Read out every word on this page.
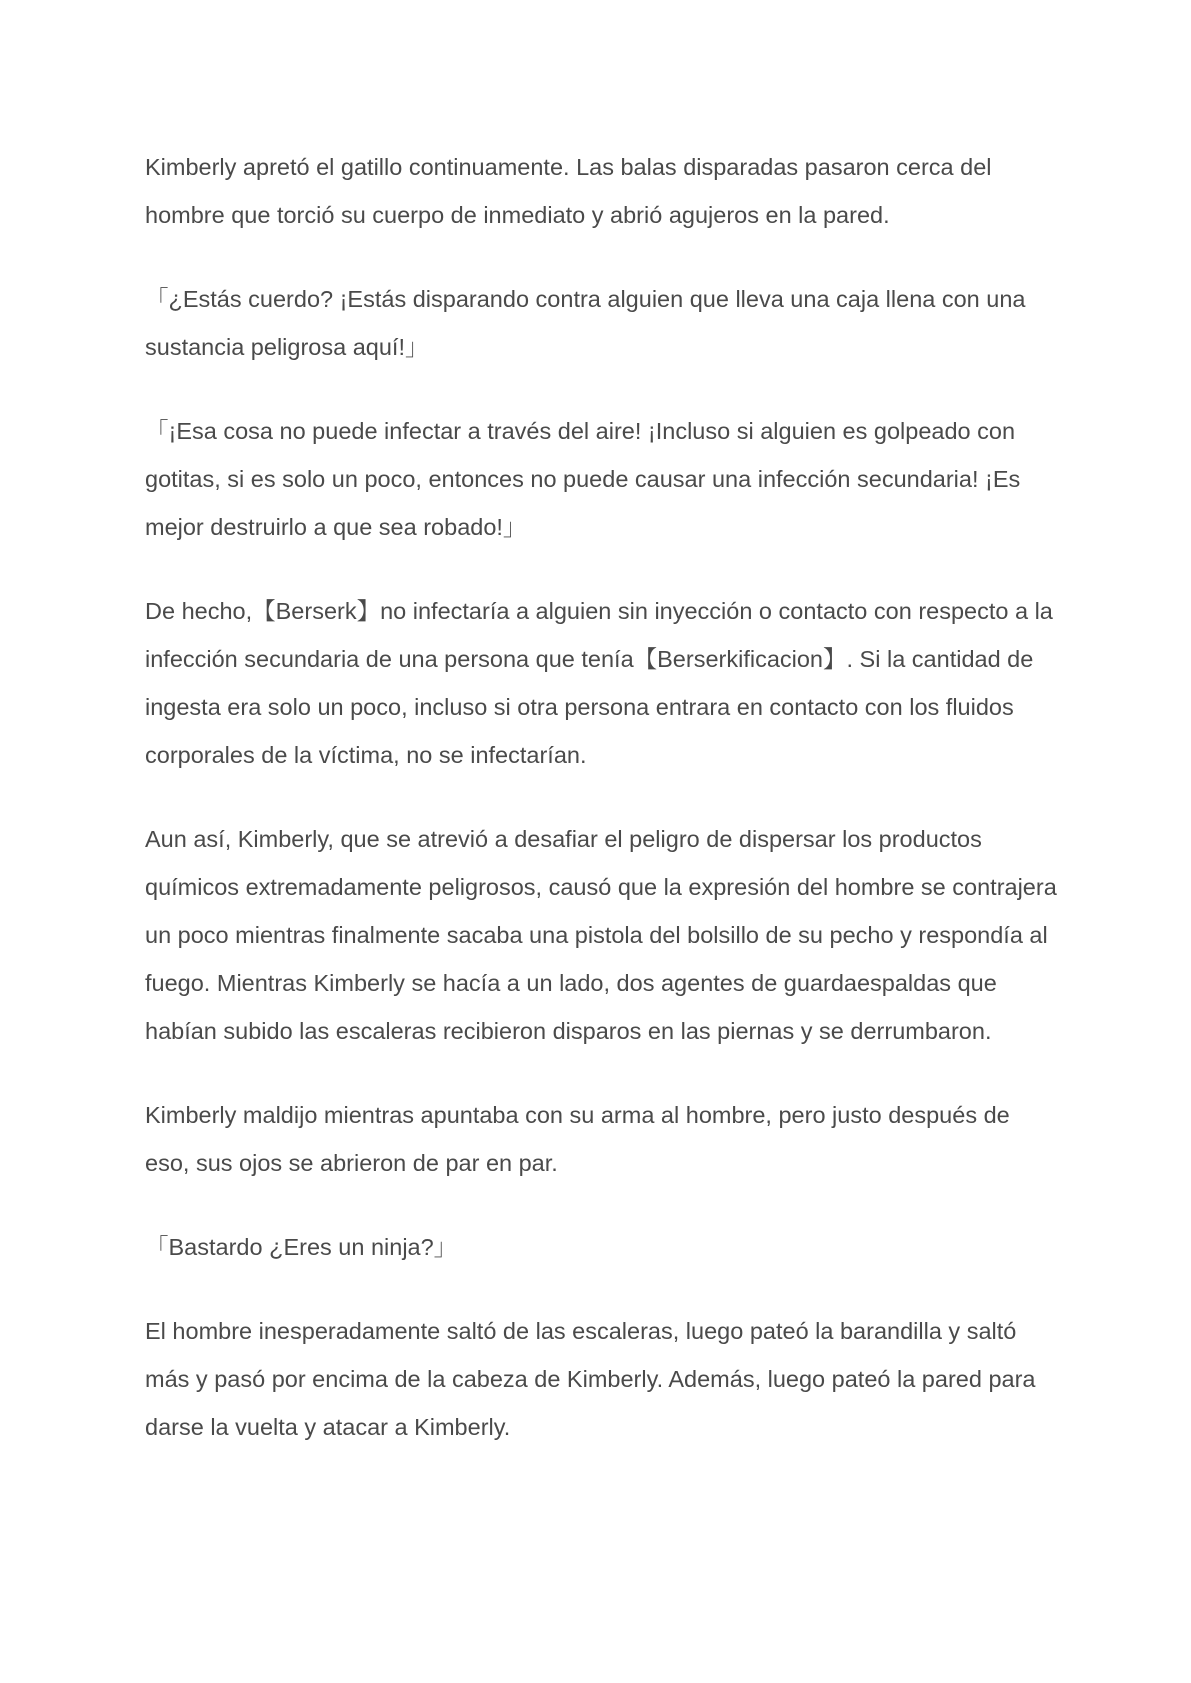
Kimberly apretó el gatillo continuamente. Las balas disparadas pasaron cerca del hombre que torció su cuerpo de inmediato y abrió agujeros en la pared.

「¿Estás cuerdo? ¡Estás disparando contra alguien que lleva una caja llena con una sustancia peligrosa aquí!」

「¡Esa cosa no puede infectar a través del aire! ¡Incluso si alguien es golpeado con gotitas, si es solo un poco, entonces no puede causar una infección secundaria! ¡Es mejor destruirlo a que sea robado!」

De hecho,【Berserk】no infectaría a alguien sin inyección o contacto con respecto a la infección secundaria de una persona que tenía【Berserkificacion】. Si la cantidad de ingesta era solo un poco, incluso si otra persona entrara en contacto con los fluidos corporales de la víctima, no se infectarían.

Aun así, Kimberly, que se atrevió a desafiar el peligro de dispersar los productos químicos extremadamente peligrosos, causó que la expresión del hombre se contrajera un poco mientras finalmente sacaba una pistola del bolsillo de su pecho y respondía al fuego. Mientras Kimberly se hacía a un lado, dos agentes de guardaespaldas que habían subido las escaleras recibieron disparos en las piernas y se derrumbaron.

Kimberly maldijo mientras apuntaba con su arma al hombre, pero justo después de eso, sus ojos se abrieron de par en par.

「Bastardo ¿Eres un ninja?」

El hombre inesperadamente saltó de las escaleras, luego pateó la barandilla y saltó más y pasó por encima de la cabeza de Kimberly. Además, luego pateó la pared para darse la vuelta y atacar a Kimberly.
